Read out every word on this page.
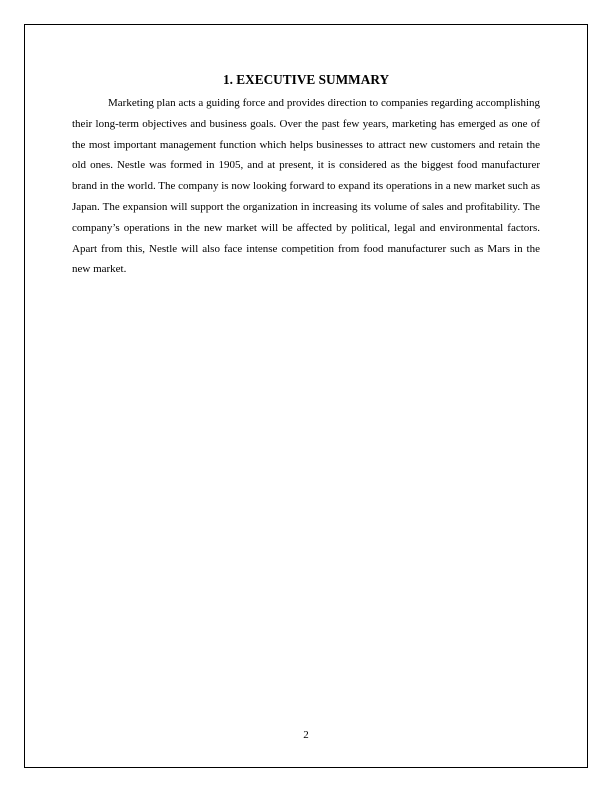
1. EXECUTIVE SUMMARY

Marketing plan acts a guiding force and provides direction to companies regarding accomplishing their long-term objectives and business goals. Over the past few years, marketing has emerged as one of the most important management function which helps businesses to attract new customers and retain the old ones. Nestle was formed in 1905, and at present, it is considered as the biggest food manufacturer brand in the world. The company is now looking forward to expand its operations in a new market such as Japan. The expansion will support the organization in increasing its volume of sales and profitability. The company’s operations in the new market will be affected by political, legal and environmental factors. Apart from this, Nestle will also face intense competition from food manufacturer such as Mars in the new market.

2
